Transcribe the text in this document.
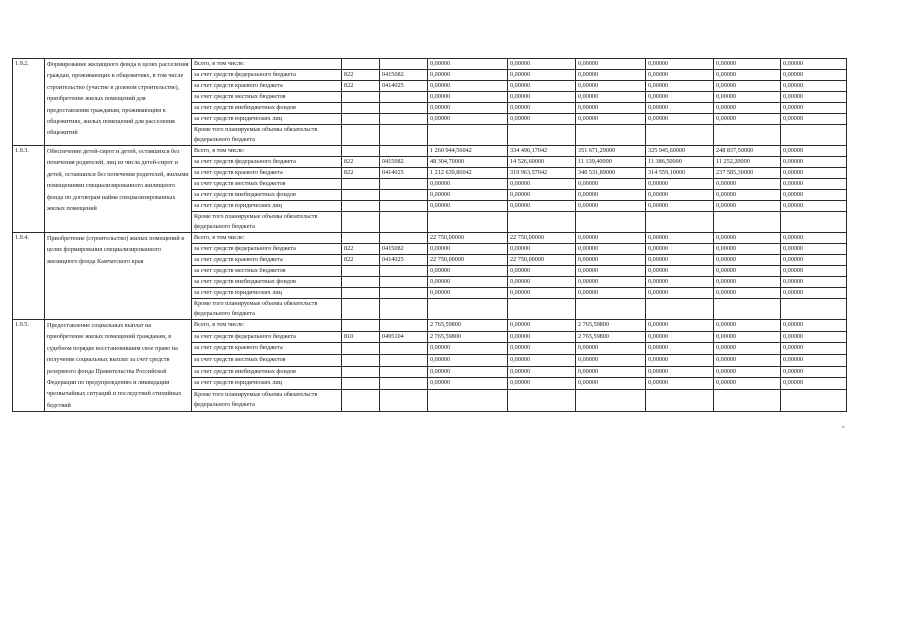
1.9.2.	Формирование жилищного фонда в целях расселения граждан, проживающих в общежитиях, в том числе строительство (участие в долевом строительстве), приобретение жилых помещений для предоставления гражданам, проживающим в общежитиях, жилых помещений для расселения общежитий	Всего, в том числе:			0,00000	0,00000	0,00000	0,00000	0,00000	0,00000
		за счет средств федерального бюджета	822	0415082	0,00000	0,00000	0,00000	0,00000	0,00000	0,00000
		за счет средств краевого бюджета	822	0414025	0,00000	0,00000	0,00000	0,00000	0,00000	0,00000
		за счет средств местных бюджетов			0,00000	0,00000	0,00000	0,00000	0,00000	0,00000
		за счет средств внебюджетных фондов			0,00000	0,00000	0,00000	0,00000	0,00000	0,00000
		за счет средств юридических лиц			0,00000	0,00000	0,00000	0,00000	0,00000	0,00000
		Кроме того планируемые объемы обязательств федерального бюджета								
1.9.3.	Обеспечение детей-сирот и детей, оставшихся без попечения родителей, лиц из числа детей-сирот и детей, оставшихся без попечения родителей, жилыми помещениями специализированного жилищного фонда по договорам найма специализированных жилых помещений	Всего, в том числе:			1 260 944,56042	334 490,17042	351 671,29000	325 945,60000	248 837,50000	0,00000
		за счет средств федерального бюджета	822	0415082	48 304,70000	14 526,60000	11 139,40000	11 386,50000	11 252,20000	0,00000
		за счет средств краевого бюджета	822	0414025	1 212 639,86042	319 963,57042	340 531,89000	314 559,10000	237 585,30000	0,00000
		за счет средств местных бюджетов			0,00000	0,00000	0,00000	0,00000	0,00000	0,00000
		за счет средств внебюджетных фондов			0,00000	0,00000	0,00000	0,00000	0,00000	0,00000
		за счет средств юридических лиц			0,00000	0,00000	0,00000	0,00000	0,00000	0,00000
		Кроме того планируемые объемы обязательств федерального бюджета								
1.9.4.	Приобретение (строительство) жилых помещений в целях формирования специализированного жилищного фонда Камчатского края	Всего, в том числе:			22 750,00000	22 750,00000	0,00000	0,00000	0,00000	0,00000
		за счет средств федерального бюджета	822	0415082	0,00000	0,00000	0,00000	0,00000	0,00000	0,00000
		за счет средств краевого бюджета	822	0414025	22 750,00000	22 750,00000	0,00000	0,00000	0,00000	0,00000
		за счет средств местных бюджетов			0,00000	0,00000	0,00000	0,00000	0,00000	0,00000
		за счет средств внебюджетных фондов			0,00000	0,00000	0,00000	0,00000	0,00000	0,00000
		за счет средств юридических лиц			0,00000	0,00000	0,00000	0,00000	0,00000	0,00000
		Кроме того планируемые объемы обязательств федерального бюджета								
1.9.5.	Предоставление социальных выплат на приобретение жилых помещений гражданам, в судебном порядке восстановившим свое право на получение социальных выплат за счет средств резервного фонда Правительства Российской Федерации по предупреждению и ликвидации чрезвычайных ситуаций и последствий стихийных бедствий	Всего, в том числе:			2 765,59800	0,00000	2 765,59800	0,00000	0,00000	0,00000
		за счет средств федерального бюджета	810	0495104	2 765,59800	0,00000	2 765,59800	0,00000	0,00000	0,00000
		за счет средств краевого бюджета			0,00000	0,00000	0,00000	0,00000	0,00000	0,00000
		за счет средств местных бюджетов			0,00000	0,00000	0,00000	0,00000	0,00000	0,00000
		за счет средств внебюджетных фондов			0,00000	0,00000	0,00000	0,00000	0,00000	0,00000
		за счет средств юридических лиц			0,00000	0,00000	0,00000	0,00000	0,00000	0,00000
		Кроме того планируемые объемы обязательств федерального бюджета								
»
